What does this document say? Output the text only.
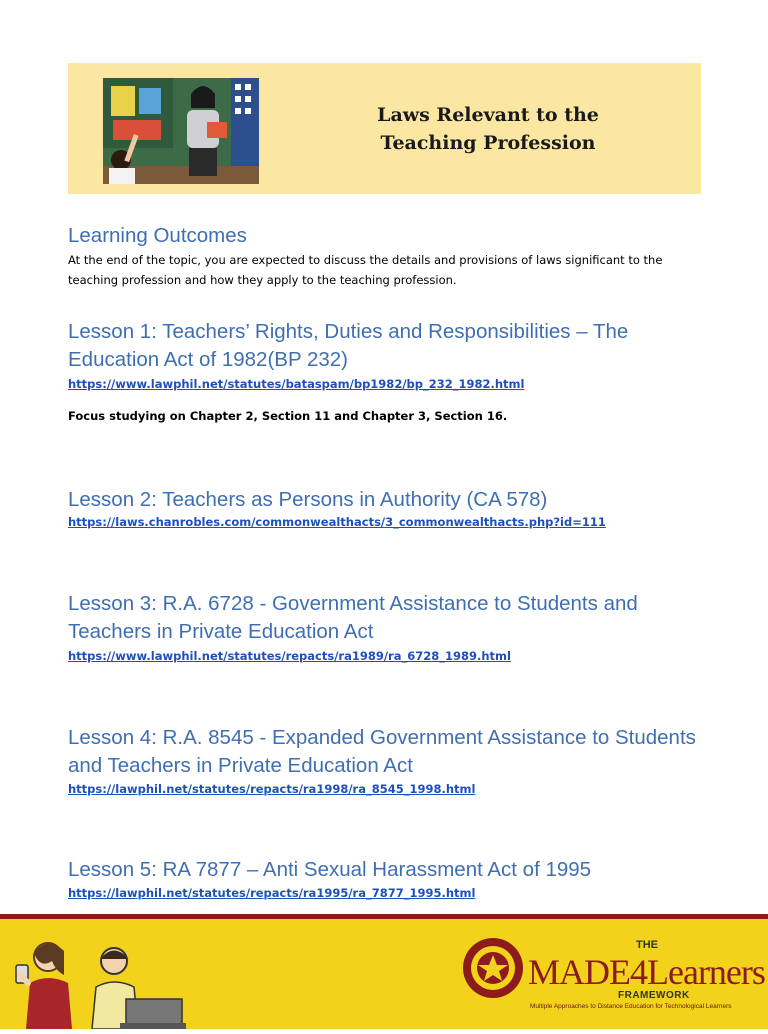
Laws Relevant to the
Teaching Profession
Learning Outcomes
At the end of the topic, you are expected to discuss the details and provisions of laws significant to the teaching profession and how they apply to the teaching profession.
Lesson 1: Teachers’ Rights, Duties and Responsibilities – The
Education Act of 1982(BP 232)
https://www.lawphil.net/statutes/bataspam/bp1982/bp_232_1982.html
Focus studying on Chapter 2, Section 11 and Chapter 3, Section 16.
Lesson 2: Teachers as Persons in Authority (CA 578)
https://laws.chanrobles.com/commonwealthacts/3_commonwealthacts.php?id=111
Lesson 3: R.A. 6728 - Government Assistance to Students and
Teachers in Private Education Act
https://www.lawphil.net/statutes/repacts/ra1989/ra_6728_1989.html
Lesson 4: R.A. 8545 - Expanded Government Assistance to Students
and Teachers in Private Education Act
https://lawphil.net/statutes/repacts/ra1998/ra_8545_1998.html
Lesson 5: RA 7877 – Anti Sexual Harassment Act of 1995
https://lawphil.net/statutes/repacts/ra1995/ra_7877_1995.html
THE
MADE4Learners
FRAMEWORK
Multiple Approaches to Distance Education for Technological Learners
